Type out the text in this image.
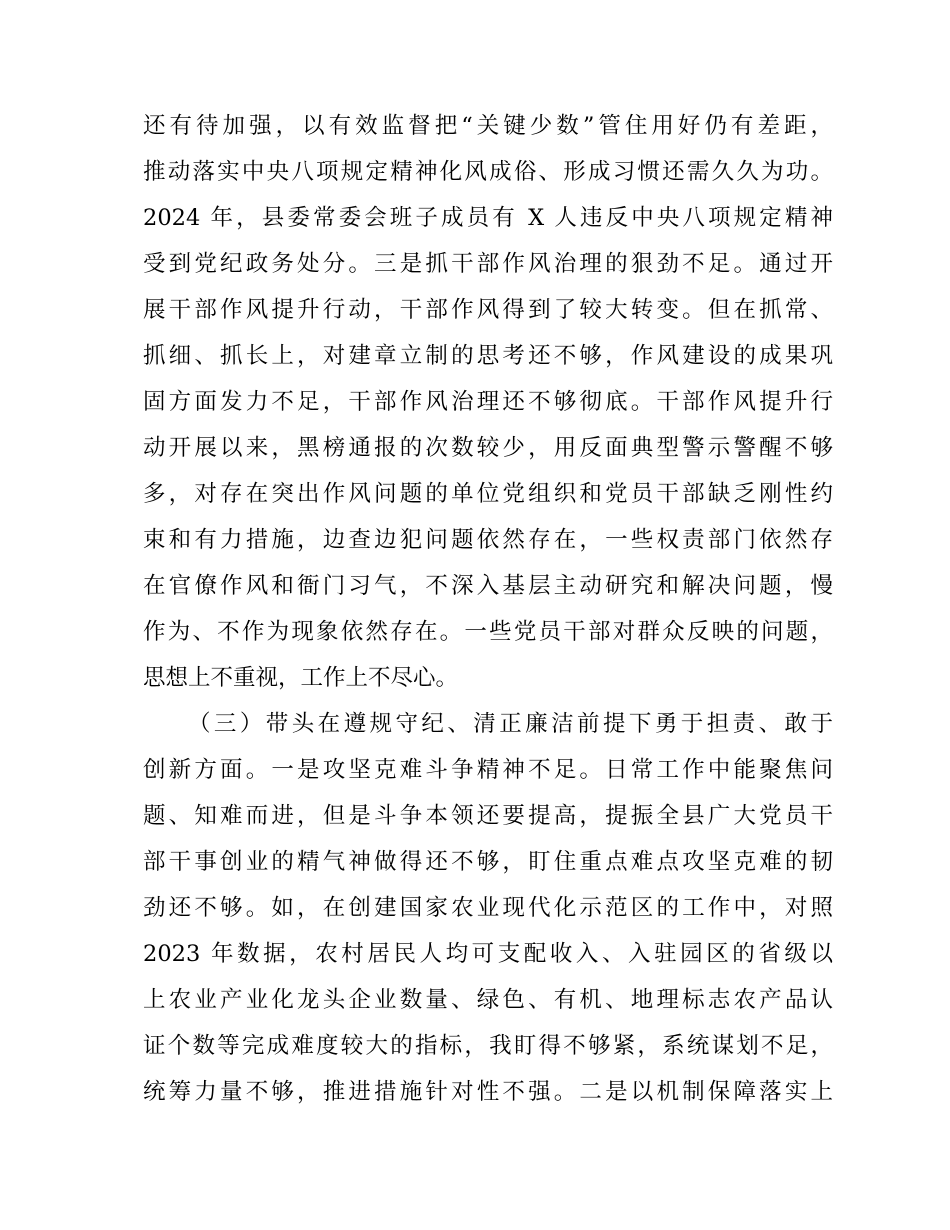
还有待加强，以有效监督把“关键少数”管住用好仍有差距，
推动落实中央八项规定精神化风成俗、形成习惯还需久久为功。
2024 年，县委常委会班子成员有 X 人违反中央八项规定精神
受到党纪政务处分。三是抓干部作风治理的狠劲不足。通过开
展干部作风提升行动，干部作风得到了较大转变。但在抓常、
抓细、抓长上，对建章立制的思考还不够，作风建设的成果巩
固方面发力不足，干部作风治理还不够彻底。干部作风提升行
动开展以来，黑榜通报的次数较少，用反面典型警示警醒不够
多，对存在突出作风问题的单位党组织和党员干部缺乏刚性约
束和有力措施，边查边犯问题依然存在，一些权责部门依然存
在官僚作风和衙门习气，不深入基层主动研究和解决问题，慢
作为、不作为现象依然存在。一些党员干部对群众反映的问题，
思想上不重视，工作上不尽心。
（三）带头在遵规守纪、清正廉洁前提下勇于担责、敢于
创新方面。一是攻坚克难斗争精神不足。日常工作中能聚焦问
题、知难而进，但是斗争本领还要提高，提振全县广大党员干
部干事创业的精气神做得还不够，盯住重点难点攻坚克难的韧
劲还不够。如，在创建国家农业现代化示范区的工作中，对照
2023 年数据，农村居民人均可支配收入、入驻园区的省级以
上农业产业化龙头企业数量、绿色、有机、地理标志农产品认
证个数等完成难度较大的指标，我盯得不够紧，系统谋划不足，
统筹力量不够，推进措施针对性不强。二是以机制保障落实上
